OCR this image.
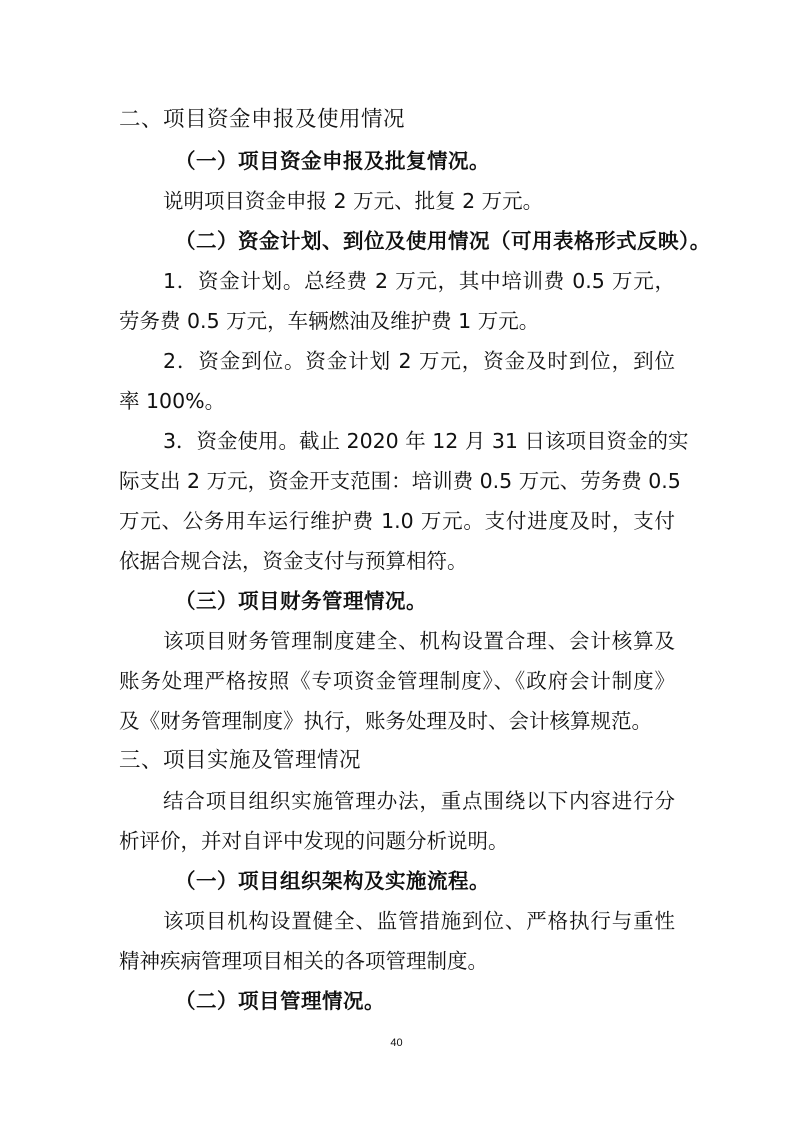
二、项目资金申报及使用情况

（一）项目资金申报及批复情况。

说明项目资金申报 2 万元、批复 2 万元。

（二）资金计划、到位及使用情况（可用表格形式反映）。

1．资金计划。总经费 2 万元，其中培训费 0.5 万元，

劳务费 0.5 万元，车辆燃油及维护费 1 万元。

2．资金到位。资金计划 2 万元，资金及时到位，到位

率 100%。

3．资金使用。截止 2020 年 12 月 31 日该项目资金的实

际支出 2 万元，资金开支范围：培训费 0.5 万元、劳务费 0.5

万元、公务用车运行维护费 1.0 万元。支付进度及时，支付

依据合规合法，资金支付与预算相符。

（三）项目财务管理情况。

该项目财务管理制度建全、机构设置合理、会计核算及

账务处理严格按照《专项资金管理制度》、《政府会计制度》

及《财务管理制度》执行，账务处理及时、会计核算规范。

三、项目实施及管理情况

结合项目组织实施管理办法，重点围绕以下内容进行分

析评价，并对自评中发现的问题分析说明。

（一）项目组织架构及实施流程。

该项目机构设置健全、监管措施到位、严格执行与重性

精神疾病管理项目相关的各项管理制度。

（二）项目管理情况。

40
